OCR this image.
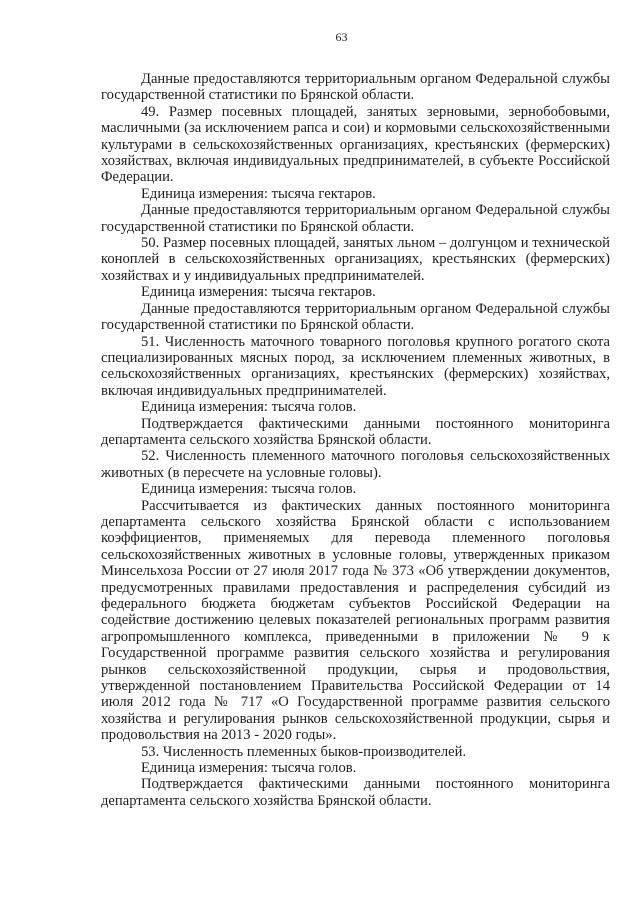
63

Данные предоставляются территориальным органом Федеральной службы государственной статистики по Брянской области.

49. Размер посевных площадей, занятых зерновыми, зернобобовыми, масличными (за исключением рапса и сои) и кормовыми сельскохозяйственными культурами в сельскохозяйственных организациях, крестьянских (фермерских) хозяйствах, включая индивидуальных предпринимателей, в субъекте Российской Федерации.

Единица измерения: тысяча гектаров.

Данные предоставляются территориальным органом Федеральной службы государственной статистики по Брянской области.

50. Размер посевных площадей, занятых льном – долгунцом и технической коноплей в сельскохозяйственных организациях, крестьянских (фермерских) хозяйствах и у индивидуальных предпринимателей.

Единица измерения: тысяча гектаров.

Данные предоставляются территориальным органом Федеральной службы государственной статистики по Брянской области.

51. Численность маточного товарного поголовья крупного рогатого скота специализированных мясных пород, за исключением племенных животных, в сельскохозяйственных организациях, крестьянских (фермерских) хозяйствах, включая индивидуальных предпринимателей.

Единица измерения: тысяча голов.

Подтверждается фактическими данными постоянного мониторинга департамента сельского хозяйства Брянской области.

52. Численность племенного маточного поголовья сельскохозяйственных животных (в пересчете на условные головы).

Единица измерения: тысяча голов.

Рассчитывается из фактических данных постоянного мониторинга департамента сельского хозяйства Брянской области с использованием коэффициентов, применяемых для перевода племенного поголовья сельскохозяйственных животных в условные головы, утвержденных приказом Минсельхоза России от 27 июля 2017 года № 373 «Об утверждении документов, предусмотренных правилами предоставления и распределения субсидий из федерального бюджета бюджетам субъектов Российской Федерации на содействие достижению целевых показателей региональных программ развития агропромышленного комплекса, приведенными в приложении № 9 к Государственной программе развития сельского хозяйства и регулирования рынков сельскохозяйственной продукции, сырья и продовольствия, утвержденной постановлением Правительства Российской Федерации от 14 июля 2012 года № 717 «О Государственной программе развития сельского хозяйства и регулирования рынков сельскохозяйственной продукции, сырья и продовольствия на 2013 - 2020 годы».

53. Численность племенных быков-производителей.

Единица измерения: тысяча голов.

Подтверждается фактическими данными постоянного мониторинга департамента сельского хозяйства Брянской области.
